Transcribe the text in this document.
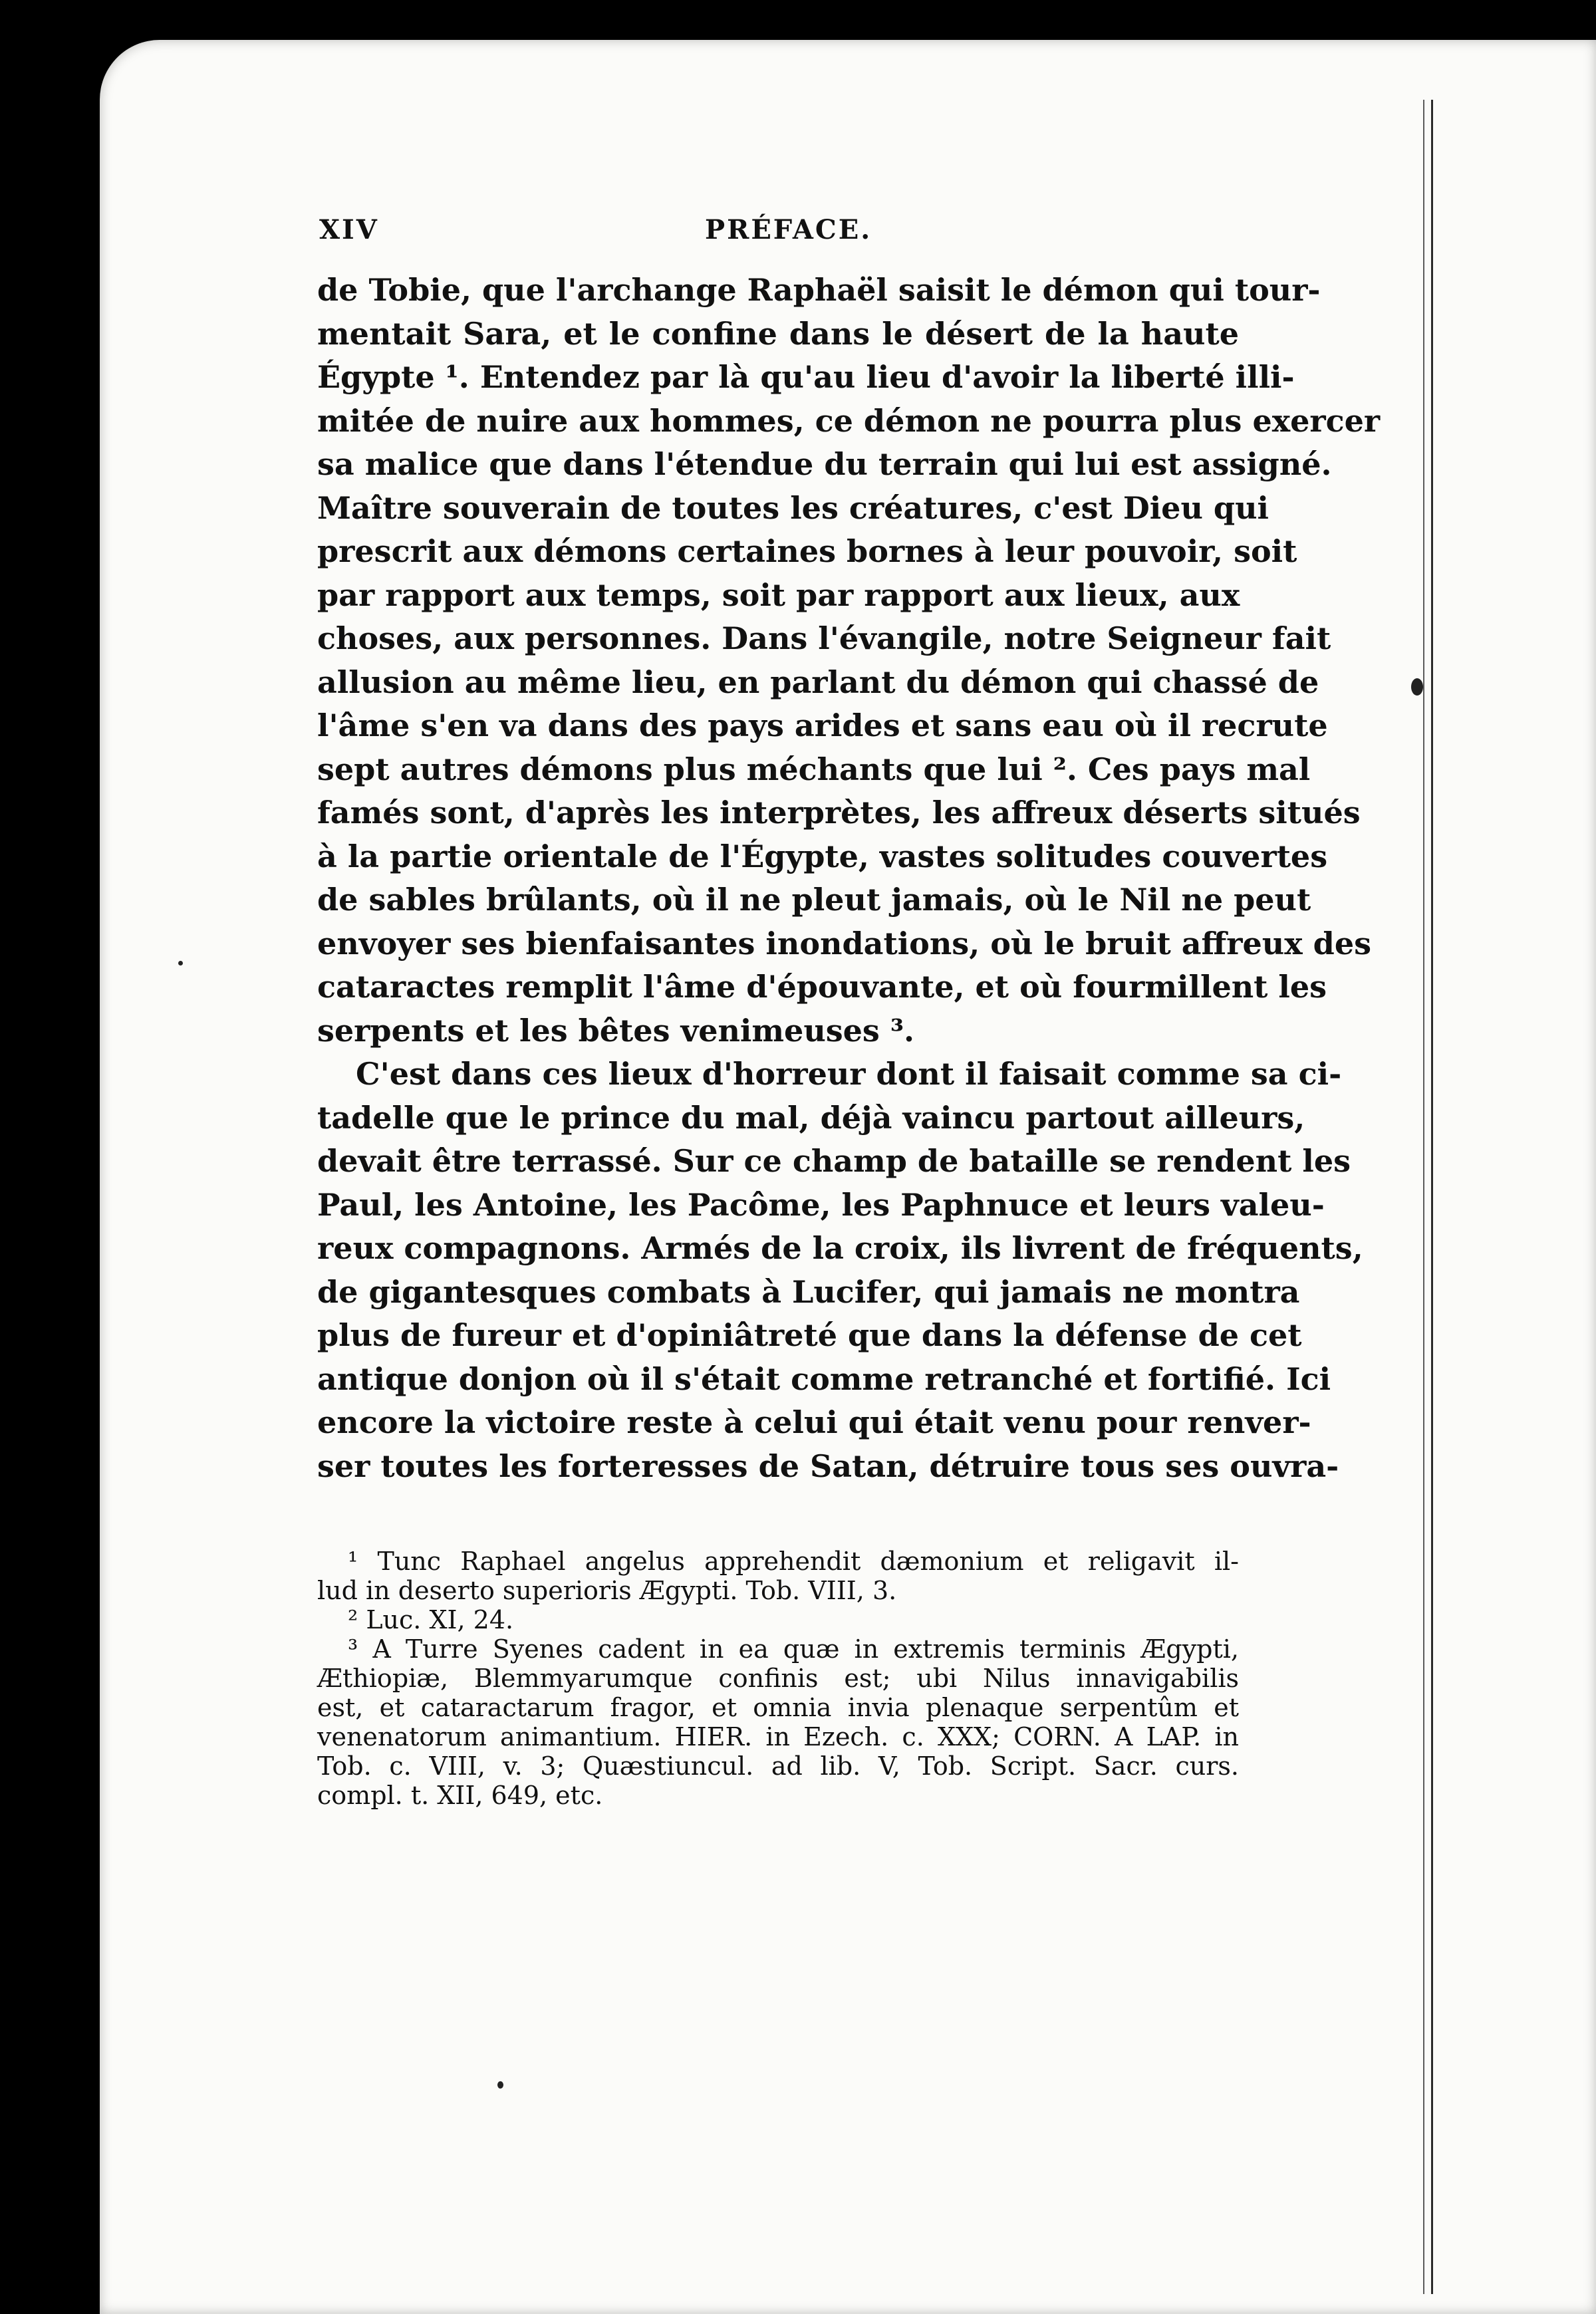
XIV	PRÉFACE.
de Tobie, que l'archange Raphaël saisit le démon qui tour-
mentait Sara, et le confine dans le désert de la haute
Égypte ¹. Entendez par là qu'au lieu d'avoir la liberté illi-
mitée de nuire aux hommes, ce démon ne pourra plus exercer
sa malice que dans l'étendue du terrain qui lui est assigné.
Maître souverain de toutes les créatures, c'est Dieu qui
prescrit aux démons certaines bornes à leur pouvoir, soit
par rapport aux temps, soit par rapport aux lieux, aux
choses, aux personnes. Dans l'évangile, notre Seigneur fait
allusion au même lieu, en parlant du démon qui chassé de
l'âme s'en va dans des pays arides et sans eau où il recrute
sept autres démons plus méchants que lui ². Ces pays mal
famés sont, d'après les interprètes, les affreux déserts situés
à la partie orientale de l'Égypte, vastes solitudes couvertes
de sables brûlants, où il ne pleut jamais, où le Nil ne peut
envoyer ses bienfaisantes inondations, où le bruit affreux des
cataractes remplit l'âme d'épouvante, et où fourmillent les
serpents et les bêtes venimeuses ³.
C'est dans ces lieux d'horreur dont il faisait comme sa ci-
tadelle que le prince du mal, déjà vaincu partout ailleurs,
devait être terrassé. Sur ce champ de bataille se rendent les
Paul, les Antoine, les Pacôme, les Paphnuce et leurs valeu-
reux compagnons. Armés de la croix, ils livrent de fréquents,
de gigantesques combats à Lucifer, qui jamais ne montra
plus de fureur et d'opiniâtreté que dans la défense de cet
antique donjon où il s'était comme retranché et fortifié. Ici
encore la victoire reste à celui qui était venu pour renver-
ser toutes les forteresses de Satan, détruire tous ses ouvra-
¹ Tunc Raphael angelus apprehendit dæmonium et religavit il-
lud in deserto superioris Ægypti. Tob. VIII, 3.
² Luc. XI, 24.
³ A Turre Syenes cadent in ea quæ in extremis terminis Ægypti,
Æthiopiæ, Blemmyarumque confinis est; ubi Nilus innavigabilis
est, et cataractarum fragor, et omnia invia plenaque serpentûm et
venenatorum animantium. HIER. in Ezech. c. XXX; CORN. A LAP. in
Tob. c. VIII, v. 3; Quæstiuncul. ad lib. V, Tob. Script. Sacr. curs.
compl. t. XII, 649, etc.
